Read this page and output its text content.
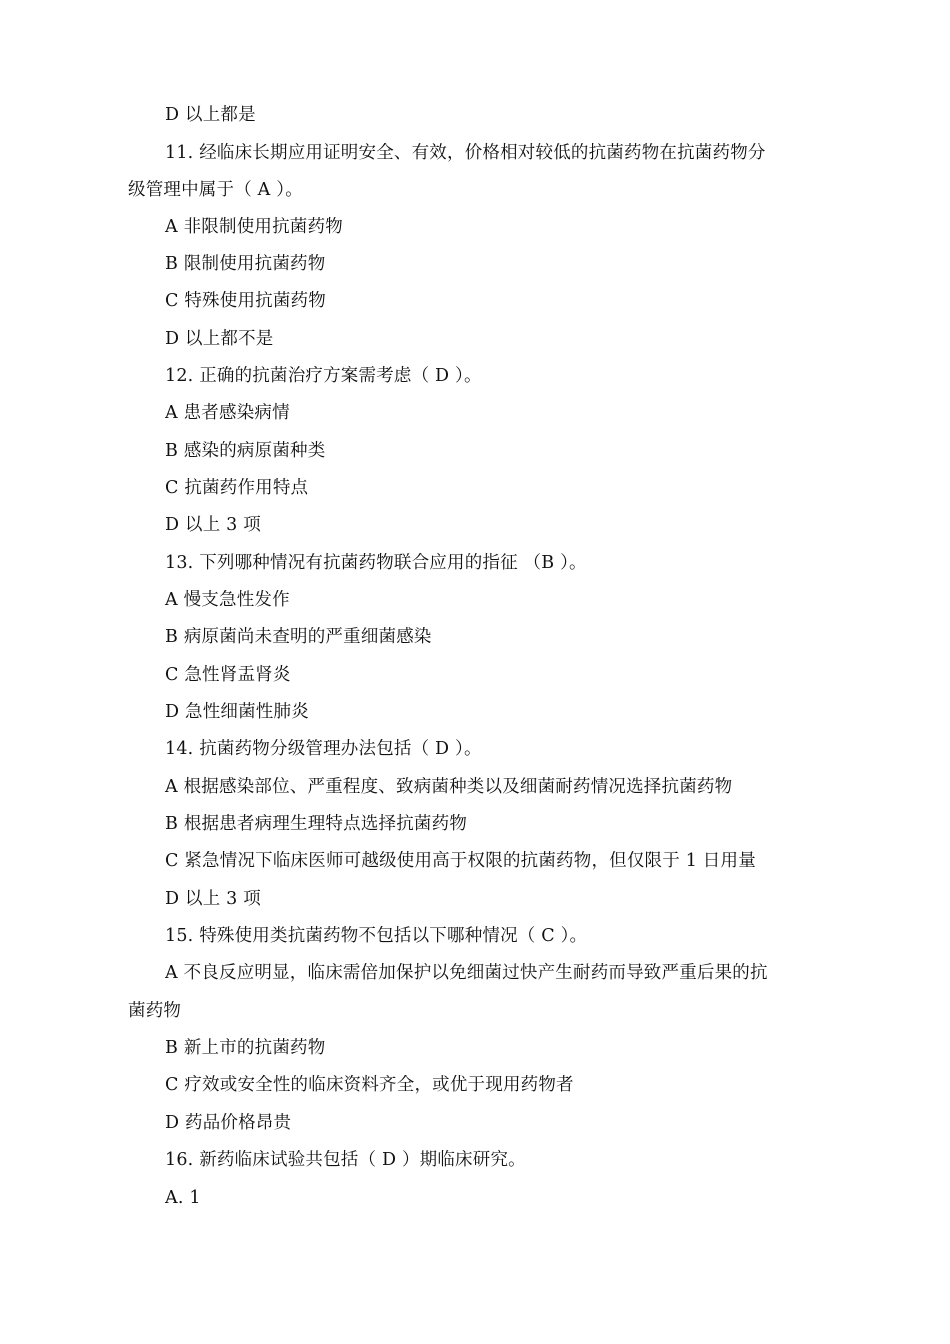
D 以上都是
11. 经临床长期应用证明安全、有效，价格相对较低的抗菌药物在抗菌药物分
级管理中属于（ A ）。
A 非限制使用抗菌药物
B 限制使用抗菌药物
C 特殊使用抗菌药物
D 以上都不是
12. 正确的抗菌治疗方案需考虑（ D ）。
A 患者感染病情
B 感染的病原菌种类
C 抗菌药作用特点
D 以上 3 项
13. 下列哪种情况有抗菌药物联合应用的指征 （B ）。
A 慢支急性发作
B 病原菌尚未查明的严重细菌感染
C 急性肾盂肾炎
D 急性细菌性肺炎
14. 抗菌药物分级管理办法包括（ D ）。
A 根据感染部位、严重程度、致病菌种类以及细菌耐药情况选择抗菌药物
B 根据患者病理生理特点选择抗菌药物
C 紧急情况下临床医师可越级使用高于权限的抗菌药物，但仅限于 1 日用量
D 以上 3 项
15. 特殊使用类抗菌药物不包括以下哪种情况（ C ）。
A 不良反应明显，临床需倍加保护以免细菌过快产生耐药而导致严重后果的抗
菌药物
B 新上市的抗菌药物
C 疗效或安全性的临床资料齐全，或优于现用药物者
D 药品价格昂贵
16. 新药临床试验共包括（ D ）期临床研究。
A. 1
